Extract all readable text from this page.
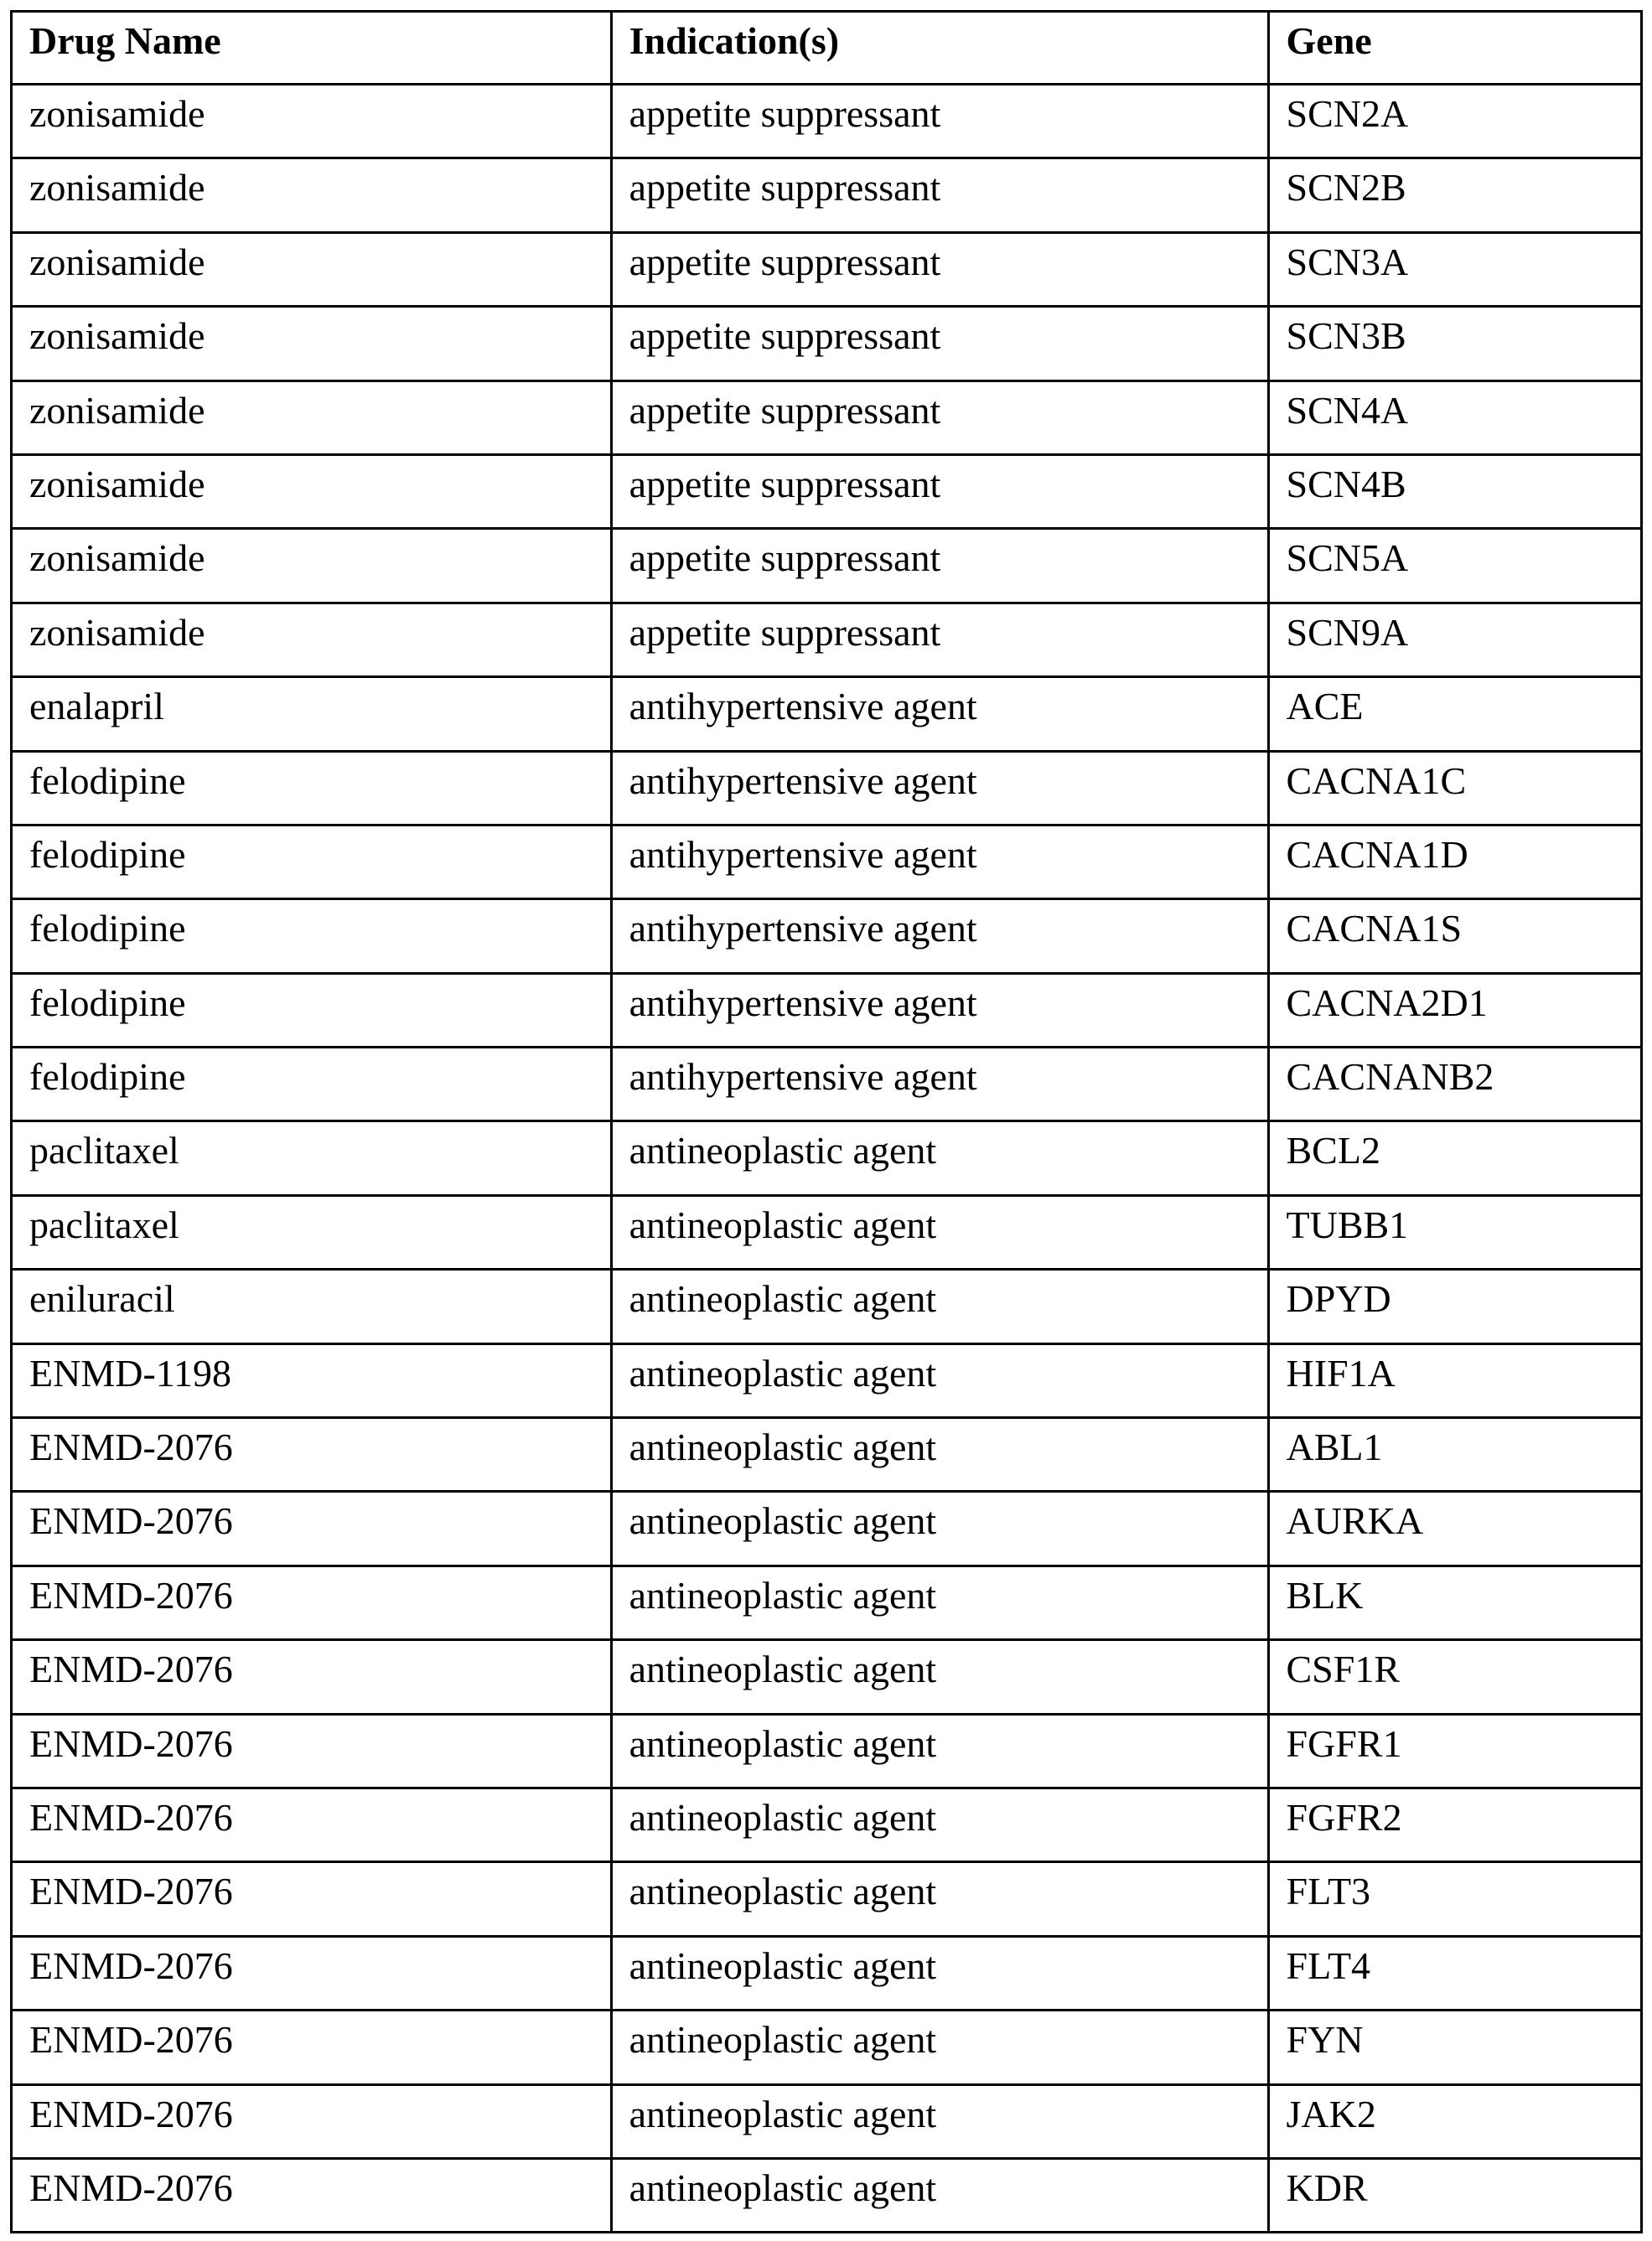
Drug Name	Indication(s)	Gene
zonisamide	appetite suppressant	SCN2A
zonisamide	appetite suppressant	SCN2B
zonisamide	appetite suppressant	SCN3A
zonisamide	appetite suppressant	SCN3B
zonisamide	appetite suppressant	SCN4A
zonisamide	appetite suppressant	SCN4B
zonisamide	appetite suppressant	SCN5A
zonisamide	appetite suppressant	SCN9A
enalapril	antihypertensive agent	ACE
felodipine	antihypertensive agent	CACNA1C
felodipine	antihypertensive agent	CACNA1D
felodipine	antihypertensive agent	CACNA1S
felodipine	antihypertensive agent	CACNA2D1
felodipine	antihypertensive agent	CACNANB2
paclitaxel	antineoplastic agent	BCL2
paclitaxel	antineoplastic agent	TUBB1
eniluracil	antineoplastic agent	DPYD
ENMD-1198	antineoplastic agent	HIF1A
ENMD-2076	antineoplastic agent	ABL1
ENMD-2076	antineoplastic agent	AURKA
ENMD-2076	antineoplastic agent	BLK
ENMD-2076	antineoplastic agent	CSF1R
ENMD-2076	antineoplastic agent	FGFR1
ENMD-2076	antineoplastic agent	FGFR2
ENMD-2076	antineoplastic agent	FLT3
ENMD-2076	antineoplastic agent	FLT4
ENMD-2076	antineoplastic agent	FYN
ENMD-2076	antineoplastic agent	JAK2
ENMD-2076	antineoplastic agent	KDR
